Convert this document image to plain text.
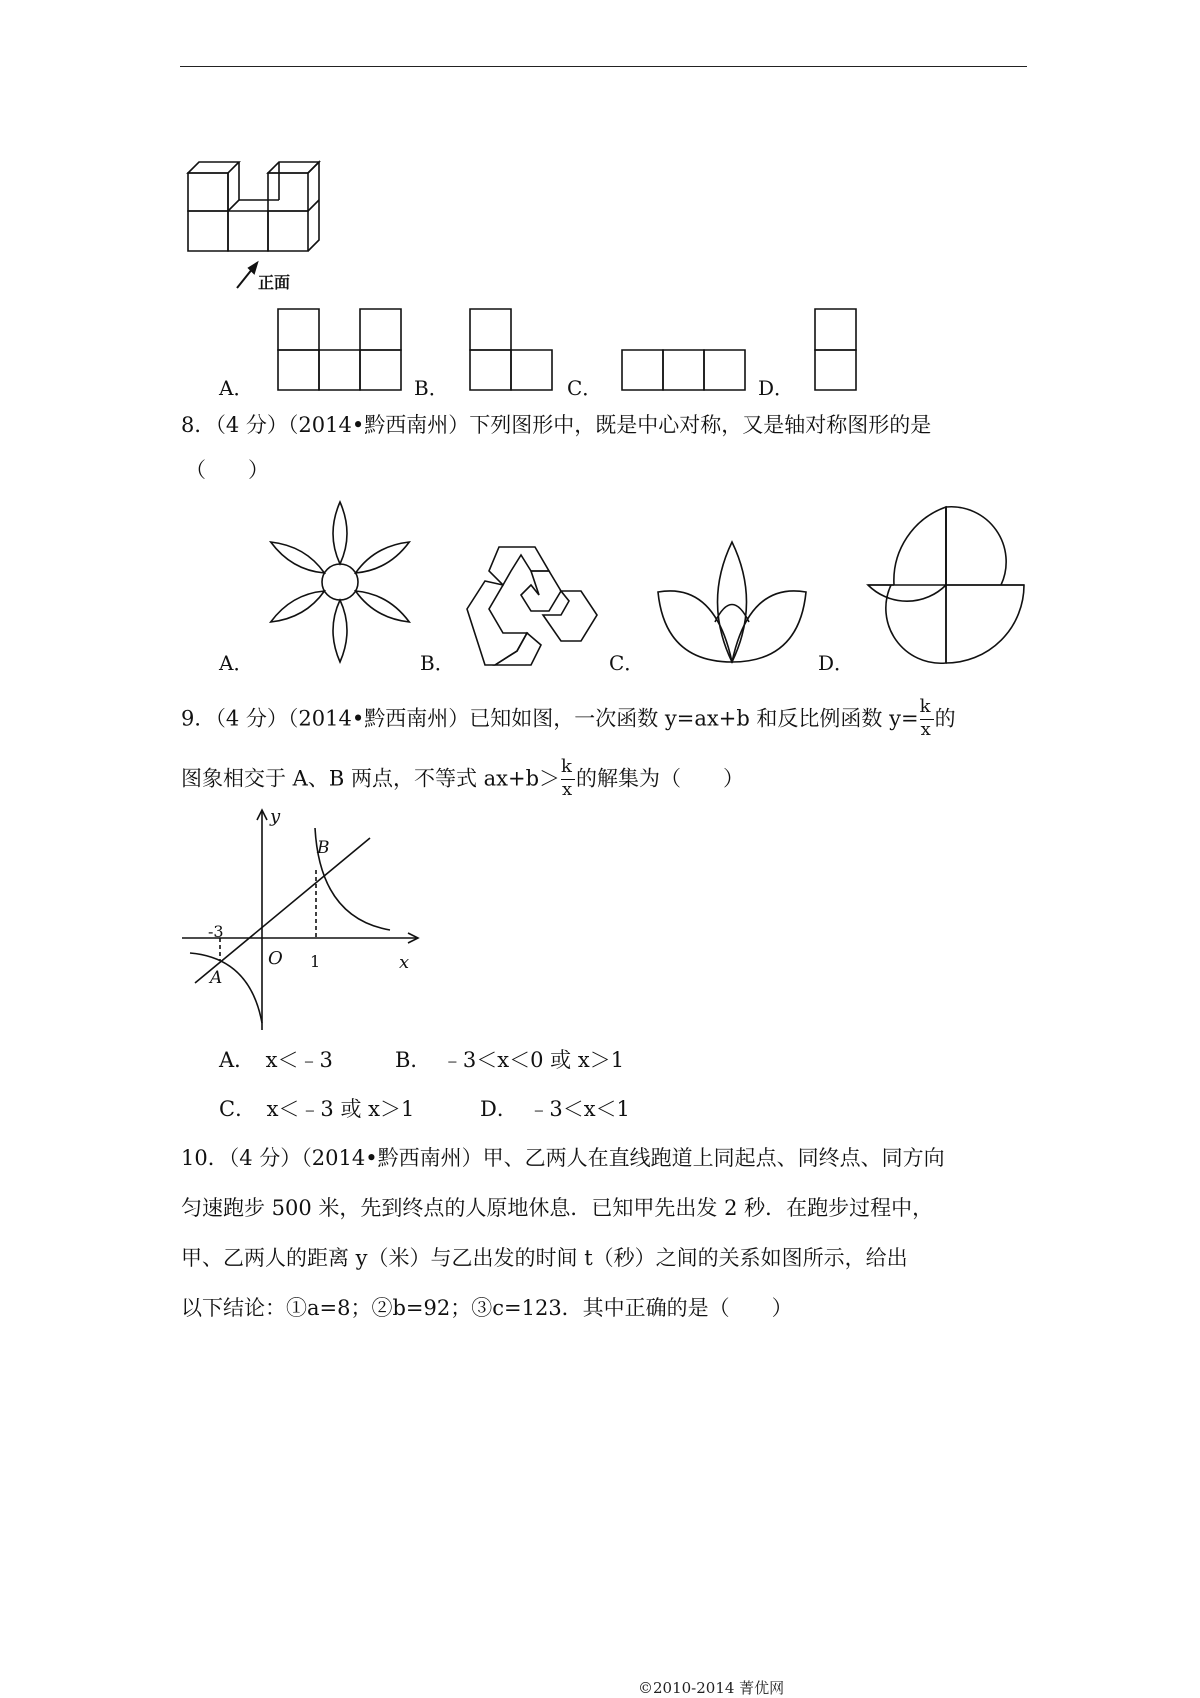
正面
A．	B．	C．	D．
8．（4 分）（2014•黔西南州）下列图形中，既是中心对称，又是轴对称图形的是
（　　）
A．	B．	C．	D．
9．（4 分）（2014•黔西南州）已知如图，一次函数 y=ax+b 和反比例函数 $y= \frac{k}{x}$ 的
图象相交于 A、B 两点，不等式 $ax+b> \frac{k}{x}$ 的解集为（　　）
y
x
O
A
B
-3
1
A．　x＜﹣3	B．　﹣3＜x＜0 或 x＞1
C．　x＜﹣3 或 x＞1	D．　﹣3＜x＜1
10．（4 分）（2014•黔西南州）甲、乙两人在直线跑道上同起点、同终点、同方向
匀速跑步 500 米，先到终点的人原地休息．已知甲先出发 2 秒．在跑步过程中，
甲、乙两人的距离 y（米）与乙出发的时间 t（秒）之间的关系如图所示，给出
以下结论：①a=8；②b=92；③c=123．其中正确的是（　　）
©2010-2014 菁优网
